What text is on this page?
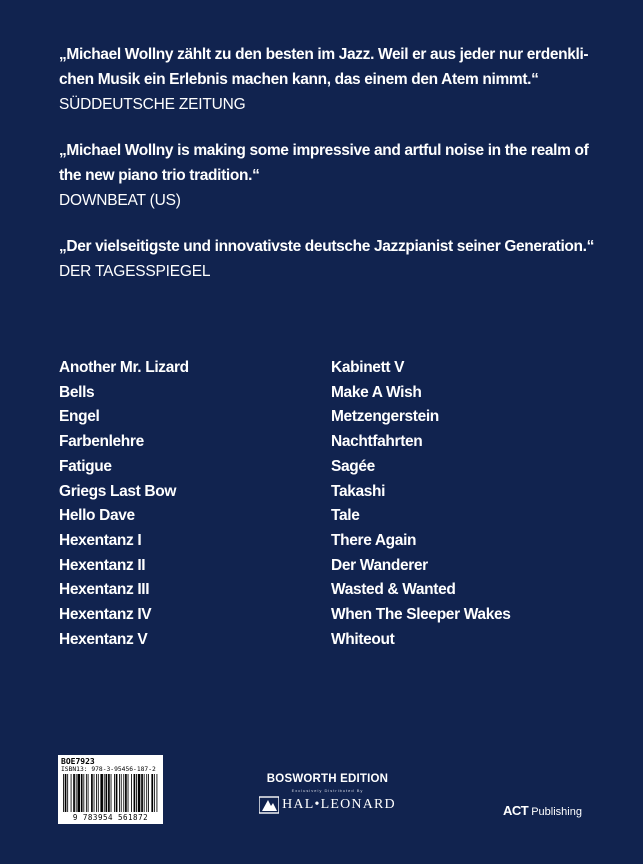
„Michael Wollny zählt zu den besten im Jazz. Weil er aus jeder nur erdenkli-
chen Musik ein Erlebnis machen kann, das einem den Atem nimmt.“
SÜDDEUTSCHE ZEITUNG
„Michael Wollny is making some impressive and artful noise in the realm of
the new piano trio tradition.“
DOWNBEAT (US)
„Der vielseitigste und innovativste deutsche Jazzpianist seiner Generation.“
DER TAGESSPIEGEL
Another Mr. Lizard
Bells
Engel
Farbenlehre
Fatigue
Griegs Last Bow
Hello Dave
Hexentanz I
Hexentanz II
Hexentanz III
Hexentanz IV
Hexentanz V
Kabinett V
Make A Wish
Metzengerstein
Nachtfahrten
Sagée
Takashi
Tale
There Again
Der Wanderer
Wasted & Wanted
When The Sleeper Wakes
Whiteout
BOE7923
ISBN13: 978-3-95456-187-2
9 783954 561872
BOSWORTH EDITION
Exclusively Distributed By
HAL•LEONARD	ACT Publishing
